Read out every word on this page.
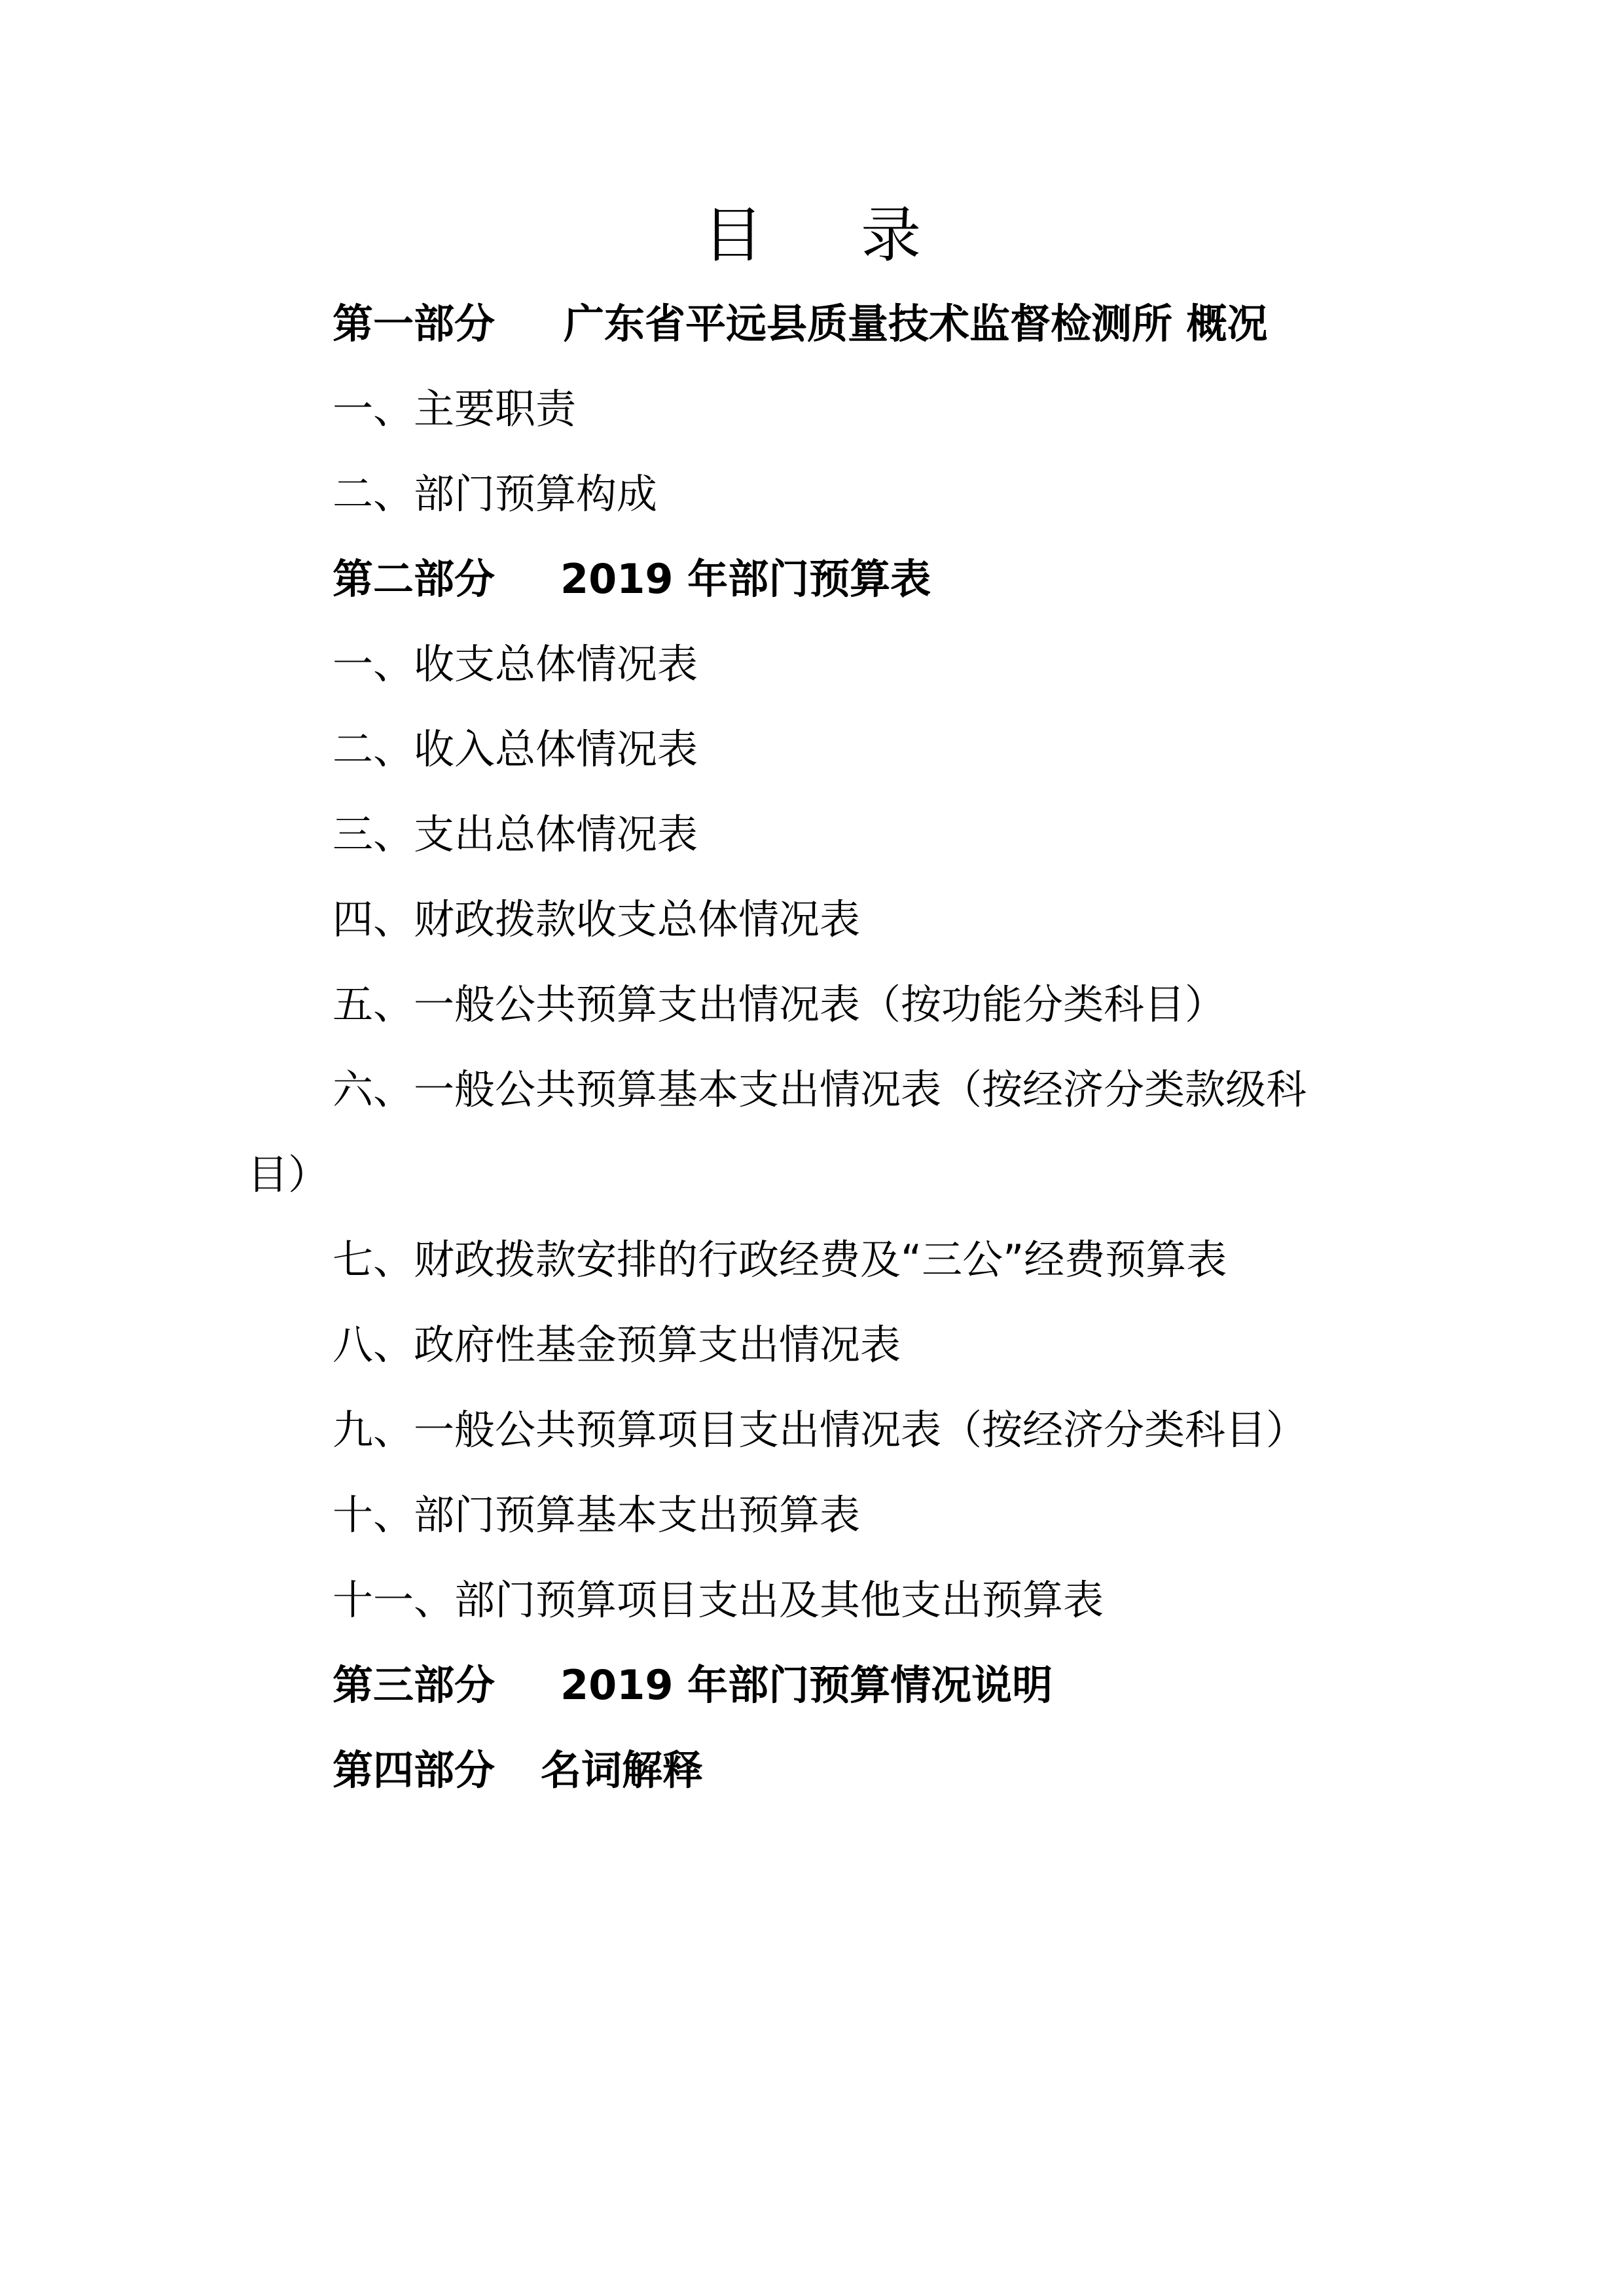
目 录
第一部分 广东省平远县质量技术监督检测所 概况
一、主要职责
二、部门预算构成
第二部分 2019 年部门预算表
一、收支总体情况表
二、收入总体情况表
三、支出总体情况表
四、财政拨款收支总体情况表
五、一般公共预算支出情况表（按功能分类科目）
六、一般公共预算基本支出情况表（按经济分类款级科
目）
七、财政拨款安排的行政经费及“三公”经费预算表
八、政府性基金预算支出情况表
九、一般公共预算项目支出情况表（按经济分类科目）
十、部门预算基本支出预算表
十一、部门预算项目支出及其他支出预算表
第三部分 2019 年部门预算情况说明
第四部分 名词解释
